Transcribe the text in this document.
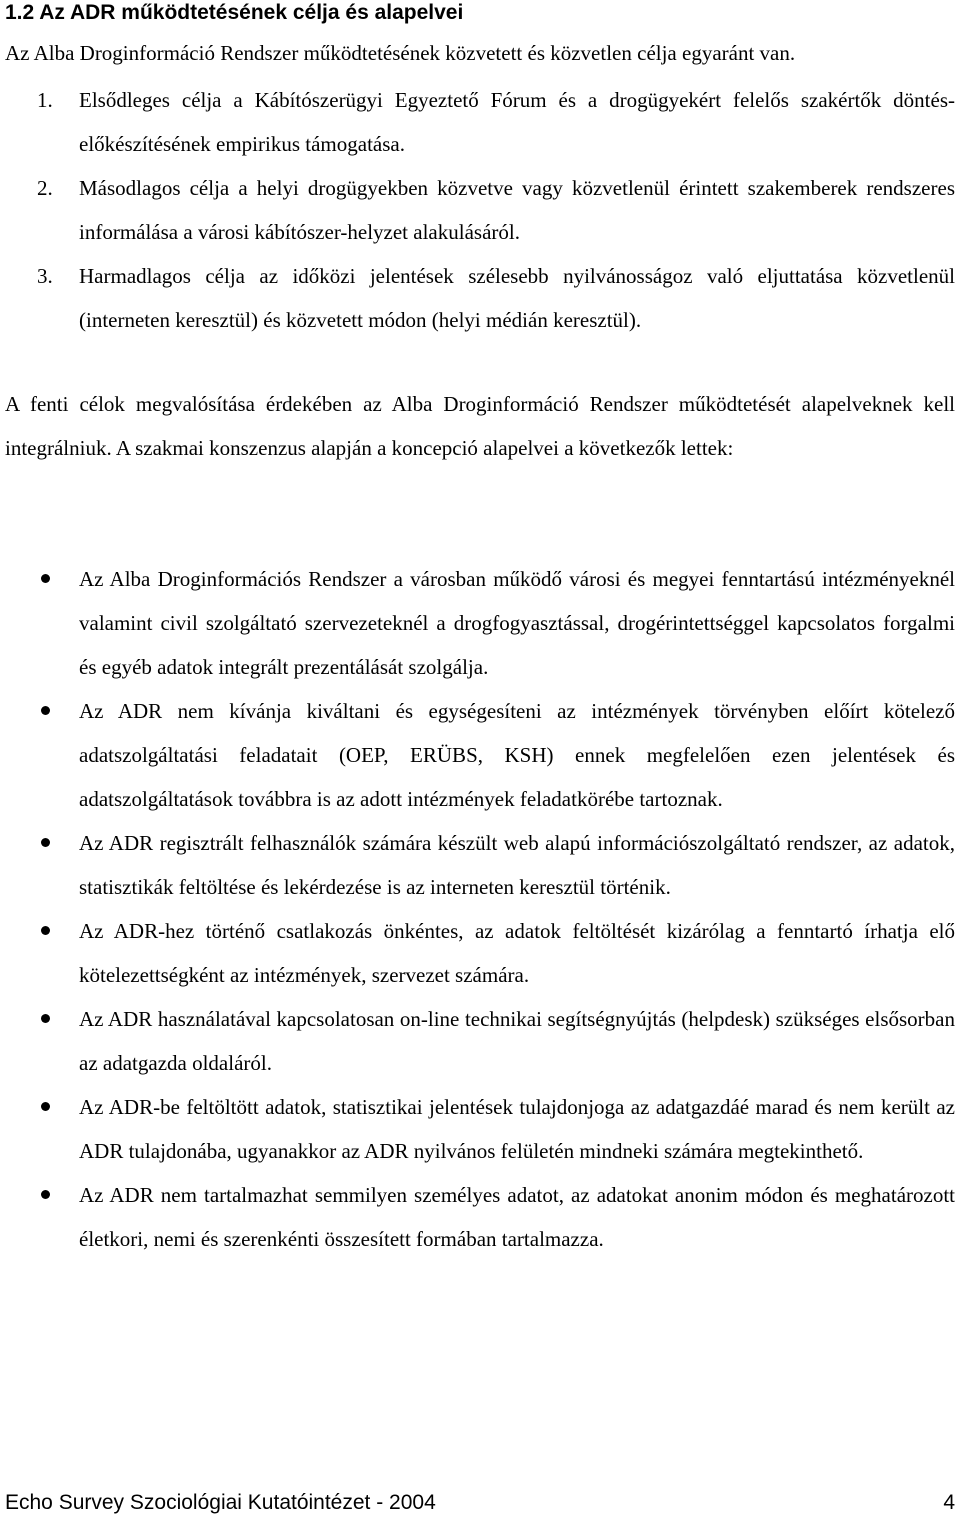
1.2 Az ADR működtetésének célja és alapelvei
Az Alba Droginformáció Rendszer működtetésének közvetett és közvetlen célja egyaránt van.
1. Elsődleges célja a Kábítószerügyi Egyeztető Fórum és a drogügyekért felelős szakértők döntés-előkészítésének empirikus támogatása.
2. Másodlagos célja a helyi drogügyekben közvetve vagy közvetlenül érintett szakemberek rendszeres informálása a városi kábítószer-helyzet alakulásáról.
3. Harmadlagos célja az időközi jelentések szélesebb nyilvánosságoz való eljuttatása közvetlenül (interneten keresztül) és közvetett módon (helyi médián keresztül).

A fenti célok megvalósítása érdekében az Alba Droginformáció Rendszer működtetését alapelveknek kell integrálniuk. A szakmai konszenzus alapján a koncepció alapelvei a következők lettek:

Az Alba Droginformációs Rendszer a városban működő városi és megyei fenntartású intézményeknél valamint civil szolgáltató szervezeteknél a drogfogyasztással, drogérintettséggel kapcsolatos forgalmi és egyéb adatok integrált prezentálását szolgálja.
Az ADR nem kívánja kiváltani és egységesíteni az intézmények törvényben előírt kötelező adatszolgáltatási feladatait (OEP, ERÜBS, KSH) ennek megfelelően ezen jelentések és adatszolgáltatások továbbra is az adott intézmények feladatkörébe tartoznak.
Az ADR regisztrált felhasználók számára készült web alapú információszolgáltató rendszer, az adatok, statisztikák feltöltése és lekérdezése is az interneten keresztül történik.
Az ADR-hez történő csatlakozás önkéntes, az adatok feltöltését kizárólag a fenntartó írhatja elő kötelezettségként az intézmények, szervezet számára.
Az ADR használatával kapcsolatosan on-line technikai segítségnyújtás (helpdesk) szükséges elsősorban az adatgazda oldaláról.
Az ADR-be feltöltött adatok, statisztikai jelentések tulajdonjoga az adatgazdáé marad és nem került az ADR tulajdonába, ugyanakkor az ADR nyilvános felületén mindneki számára megtekinthető.
Az ADR nem tartalmazhat semmilyen személyes adatot, az adatokat anonim módon és meghatározott életkori, nemi és szerenkénti összesített formában tartalmazza.
Echo Survey Szociológiai Kutatóintézet - 2004	4
